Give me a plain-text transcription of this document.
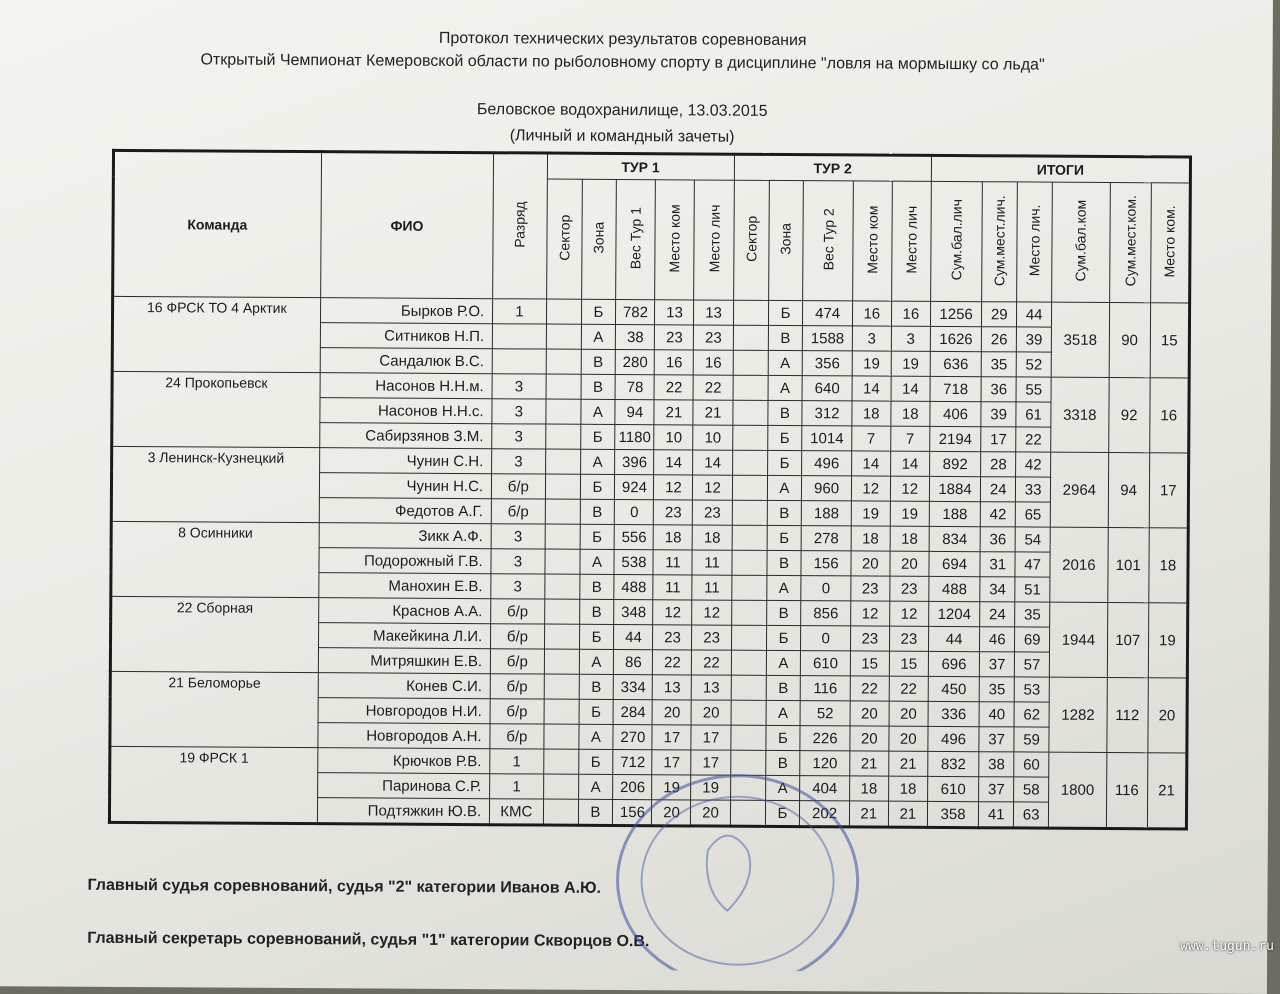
Протокол технических результатов соревнования
Открытый Чемпионат Кемеровской области по рыболовному спорту в дисциплине "ловля на мормышку со льда"
Беловское водохранилище, 13.03.2015
(Личный и командный зачеты)
Команда	ФИО	Разряд	ТУР 1					ТУР 2					ИТОГИ					
			Сектор	Зона	Вес Тур 1	Место ком	Место лич	Сектор	Зона	Вес Тур 2	Место ком	Место лич	Сум.бал.лич	Сум.мест.лич.	Место лич.	Сум.бал.ком	Сум.мест.ком.	Место ком.
16 ФРСК ТО 4 Арктик	Бырков Р.О.	1		Б	782	13	13		Б	474	16	16	1256	29	44	3518	90	15
	Ситников Н.П.			А	38	23	23		В	1588	3	3	1626	26	39			
	Сандалюк В.С.			В	280	16	16		А	356	19	19	636	35	52			
24 Прокопьевск	Насонов Н.Н.м.	3		В	78	22	22		А	640	14	14	718	36	55	3318	92	16
	Насонов Н.Н.с.	3		А	94	21	21		В	312	18	18	406	39	61			
	Сабирзянов З.М.	3		Б	1180	10	10		Б	1014	7	7	2194	17	22			
3 Ленинск-Кузнецкий	Чунин С.Н.	3		А	396	14	14		Б	496	14	14	892	28	42	2964	94	17
	Чунин Н.С.	б/р		Б	924	12	12		А	960	12	12	1884	24	33			
	Федотов А.Г.	б/р		В	0	23	23		В	188	19	19	188	42	65			
8 Осинники	Зикк А.Ф.	3		Б	556	18	18		Б	278	18	18	834	36	54	2016	101	18
	Подорожный Г.В.	3		А	538	11	11		В	156	20	20	694	31	47			
	Манохин Е.В.	3		В	488	11	11		А	0	23	23	488	34	51			
22 Сборная	Краснов А.А.	б/р		В	348	12	12		В	856	12	12	1204	24	35	1944	107	19
	Макейкина Л.И.	б/р		Б	44	23	23		Б	0	23	23	44	46	69			
	Митряшкин Е.В.	б/р		А	86	22	22		А	610	15	15	696	37	57			
21 Беломорье	Конев С.И.	б/р		В	334	13	13		В	116	22	22	450	35	53	1282	112	20
	Новгородов Н.И.	б/р		Б	284	20	20		А	52	20	20	336	40	62			
	Новгородов А.Н.	б/р		А	270	17	17		Б	226	20	20	496	37	59			
19 ФРСК 1	Крючков Р.В.	1		Б	712	17	17		В	120	21	21	832	38	60	1800	116	21
	Паринова С.Р.	1		А	206	19	19		А	404	18	18	610	37	58			
	Подтяжкин Ю.В.	КМС		В	156	20	20		Б	202	21	21	358	41	63			
Главный судья соревнований, судья "2" категории Иванов А.Ю.
Главный секретарь соревнований, судья "1" категории Скворцов О.В.	www.tugun.ru
